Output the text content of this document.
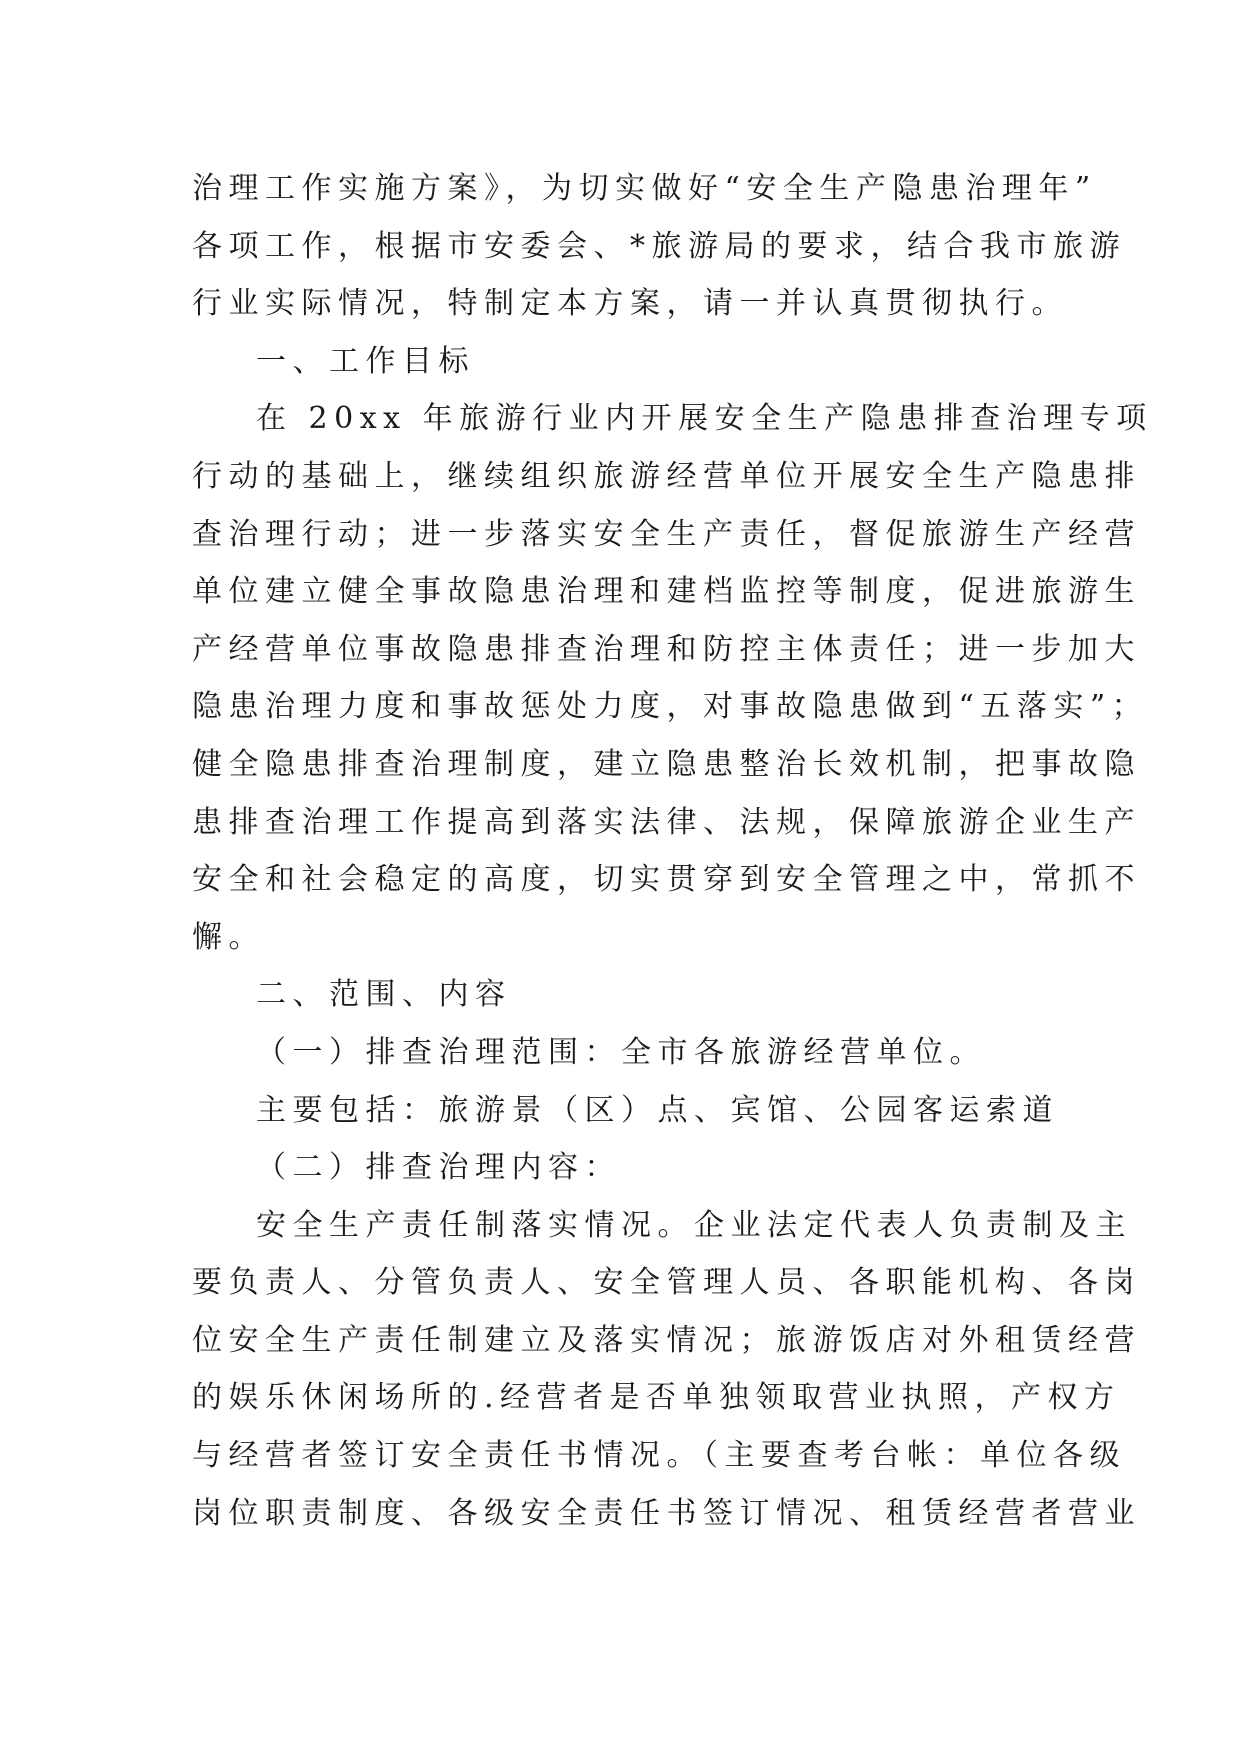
治理工作实施方案》，为切实做好“安全生产隐患治理年”
各项工作，根据市安委会、*旅游局的要求，结合我市旅游
行业实际情况，特制定本方案，请一并认真贯彻执行。
一、工作目标
在 20xx 年旅游行业内开展安全生产隐患排查治理专项
行动的基础上，继续组织旅游经营单位开展安全生产隐患排
查治理行动；进一步落实安全生产责任，督促旅游生产经营
单位建立健全事故隐患治理和建档监控等制度，促进旅游生
产经营单位事故隐患排查治理和防控主体责任；进一步加大
隐患治理力度和事故惩处力度，对事故隐患做到“五落实”；
健全隐患排查治理制度，建立隐患整治长效机制，把事故隐
患排查治理工作提高到落实法律、法规，保障旅游企业生产
安全和社会稳定的高度，切实贯穿到安全管理之中，常抓不
懈。
二、范围、内容
（一）排查治理范围：全市各旅游经营单位。
主要包括：旅游景（区）点、宾馆、公园客运索道
（二）排查治理内容：
安全生产责任制落实情况。企业法定代表人负责制及主
要负责人、分管负责人、安全管理人员、各职能机构、各岗
位安全生产责任制建立及落实情况；旅游饭店对外租赁经营
的娱乐休闲场所的.经营者是否单独领取营业执照，产权方
与经营者签订安全责任书情况。（主要查考台帐：单位各级
岗位职责制度、各级安全责任书签订情况、租赁经营者营业
